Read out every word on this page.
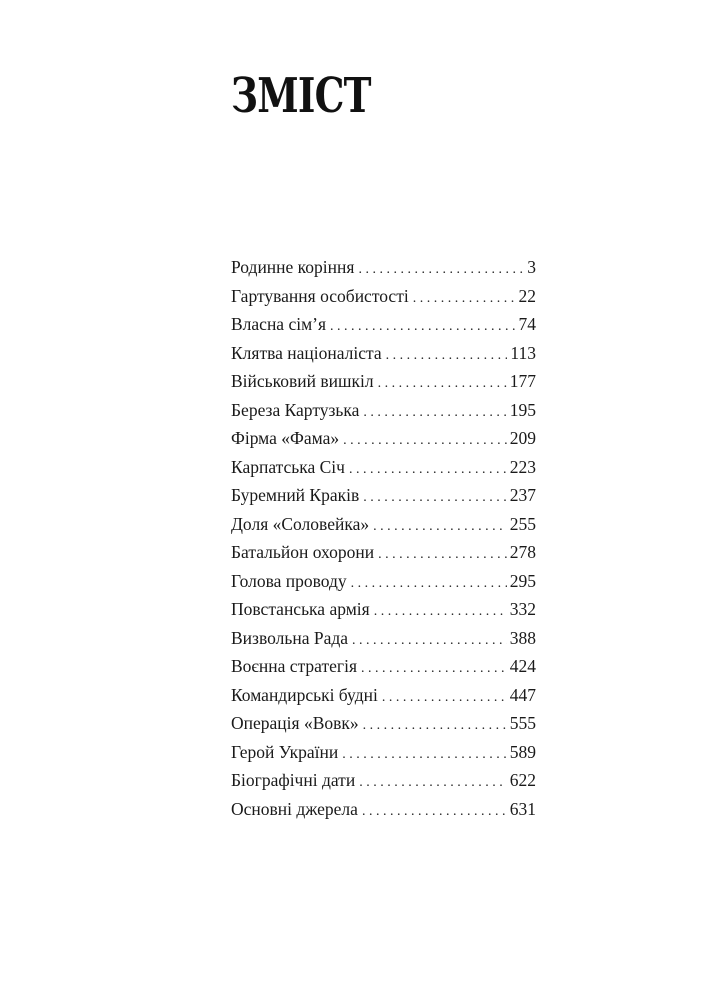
ЗМІСТ
Родинне коріння . . .	3
Гартування особистості . . .	22
Власна сім’я . . .	74
Клятва націоналіста . . .	113
Військовий вишкіл . . .	177
Береза Картузька . . .	195
Фірма «Фама» . . .	209
Карпатська Січ . . .	223
Буремний Краків . . .	237
Доля «Соловейка» . . .	255
Батальйон охорони . . .	278
Голова проводу . . .	295
Повстанська армія . . .	332
Визвольна Рада . . .	388
Воєнна стратегія . . .	424
Командирські будні . . .	447
Операція «Вовк» . . .	555
Герой України . . .	589
Біографічні дати . . .	622
Основні джерела . . .	631
